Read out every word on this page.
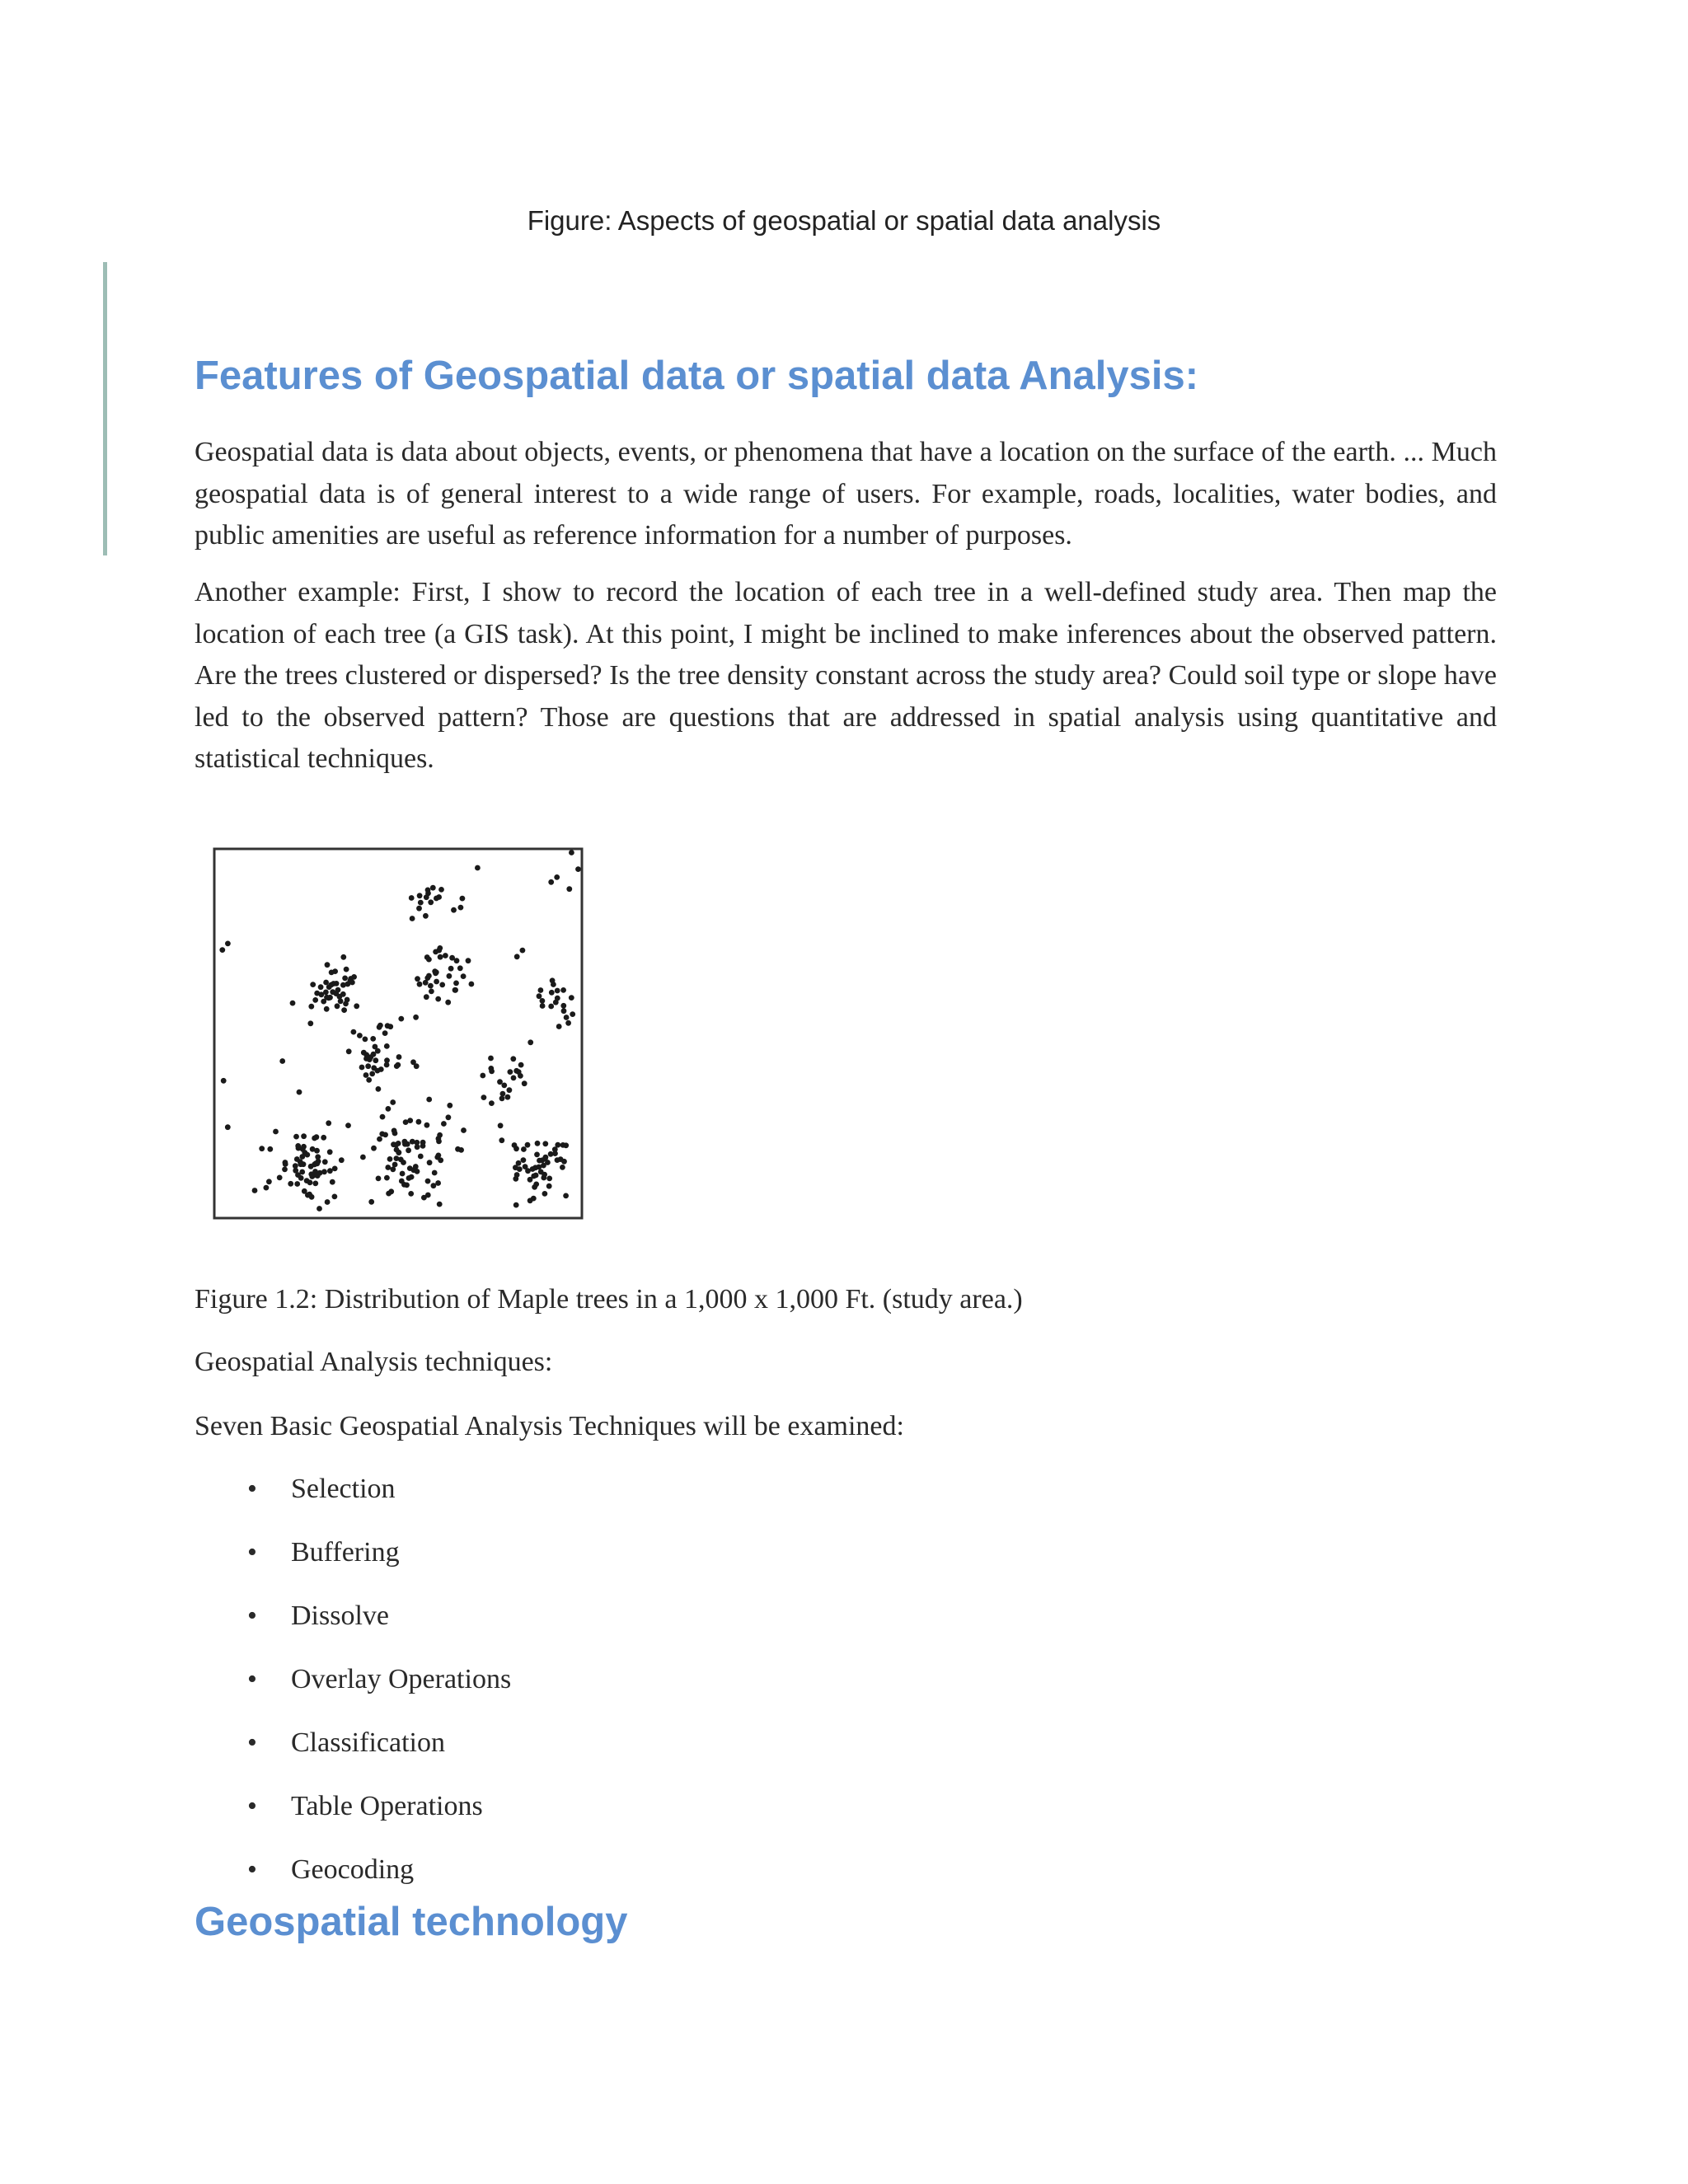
Figure: Aspects of geospatial or spatial data analysis
Features of Geospatial data or spatial data Analysis:
Geospatial data is data about objects, events, or phenomena that have a location on the surface of the earth. ... Much geospatial data is of general interest to a wide range of users. For example, roads, localities, water bodies, and public amenities are useful as reference information for a number of purposes.
Another example: First, I show to record the location of each tree in a well-defined study area. Then map the location of each tree (a GIS task). At this point, I might be inclined to make inferences about the observed pattern. Are the trees clustered or dispersed? Is the tree density constant across the study area? Could soil type or slope have led to the observed pattern? Those are questions that are addressed in spatial analysis using quantitative and statistical techniques.
Figure 1.2: Distribution of Maple trees in a 1,000 x 1,000 Ft. (study area.)
Geospatial Analysis techniques:
Seven Basic Geospatial Analysis Techniques will be examined:
• Selection
• Buffering
• Dissolve
• Overlay Operations
• Classification
• Table Operations
• Geocoding
Geospatial technology
